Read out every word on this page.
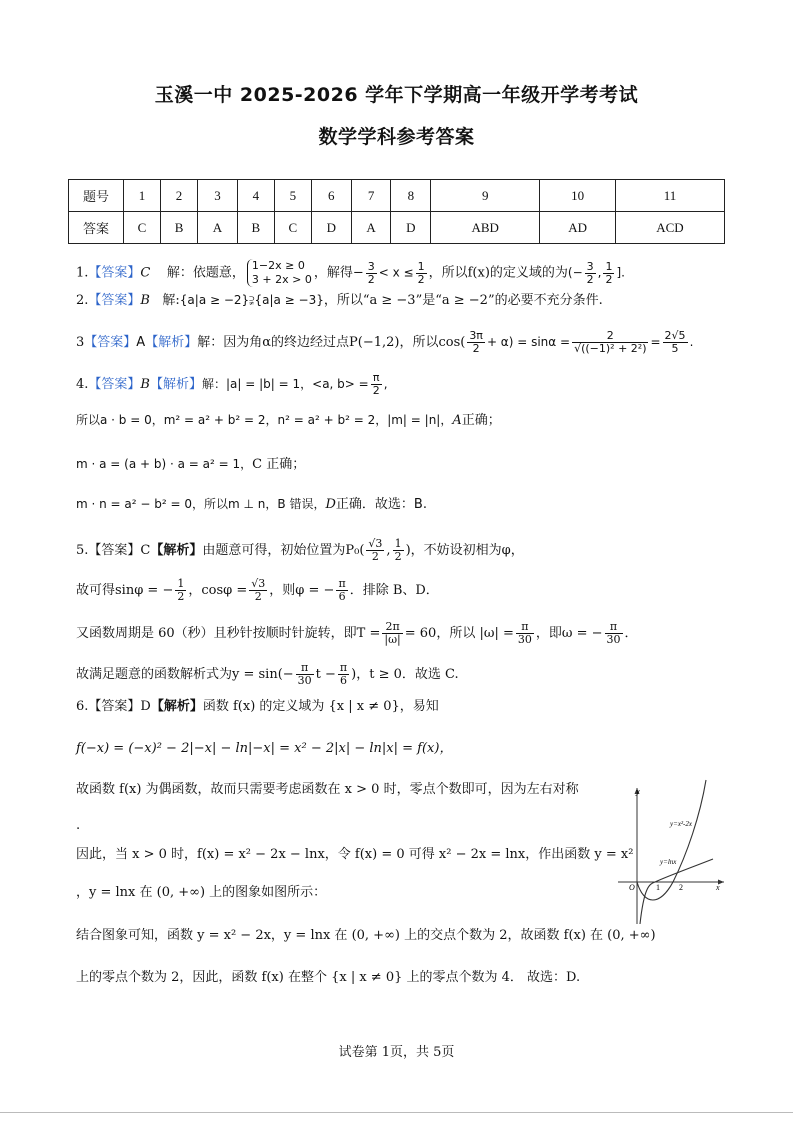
玉溪一中 2025-2026 学年下学期高一年级开学考考试
数学学科参考答案
题号	1	2	3	4	5	6	7	8	9	10	11
答案	C	B	A	B	C	D	A	D	ABD	AD	ACD
1.【答案】C 解：依题意， 1−2x ≥ 0
3 + 2x > 0 ，解得− $\frac{3}{2} < x \le \frac{1}{2}$ ，所以f(x)的定义域的为(− $\frac{3}{2}$ , $\frac{1}{2}$ ].
2.【答案】B 解:{a|a ≥ −2}⫌{a|a ≥ −3}，所以“a ≥ −3”是“a ≥ −2”的必要不充分条件.
3【答案】A【解析】解：因为角α的终边经过点P(−1,2)，所以$\cos( \frac{3\pi}{2} + \alpha) = \sin\alpha = \frac{2}{\text{√((−1)² + 2²)}} = \frac{2√5}{5}$ .
4.【答案】B【解析】解：|a| = |b| = 1，<a, $b> = \frac{\pi}{2}$ ,
所以a · b = 0，m² = a² + b² = 2，n² = a² + b² = 2，|m| = |n|，A正确；
m · a = (a + b) · a = a² = 1，C 正确；
m · n = a² − b² = 0，所以m ⊥ n，B 错误，D正确．故选：B.
5.【答案】C【解析】由题意可得，初始位置为$P_0( \frac{√3}{2}$ , $\frac{1}{2}$ )，不妨设初相为φ，
故可得sinφ = − $\frac{1}{2}$ ，$\cos\varphi = \frac{√3}{2}$ ，则φ = − $\frac{\pi}{6}$ ．排除 B、D．
又函数周期是 60（秒）且秒针按顺时针旋转，即$T = \frac{2\pi}{|\omega|} = 60$，所以 $|\omega| = \frac{\pi}{30}$ ，即ω = − $\frac{\pi}{30}$ ．
故满足题意的函数解析式为$y = \sin(- \frac{\pi}{30}$ $t - \frac{\pi}{6}$ )，t ≥ 0．故选 C.
6.【答案】D【解析】函数 f(x) 的定义域为 {x | x ≠ 0}，易知
f(−x) = (−x)² − 2|−x| − ln|−x| = x² − 2|x| − ln|x| = f(x)，
故函数 f(x) 为偶函数，故而只需要考虑函数在 x > 0 时，零点个数即可，因为左右对称
.
因此，当 x > 0 时，f(x) = x² − 2x − lnx，令 f(x) = 0 可得 x² − 2x = lnx，作出函数 y = x²
，y = lnx 在 (0, +∞) 上的图象如图所示：
结合图象可知，函数 y = x² − 2x，y = lnx 在 (0, +∞) 上的交点个数为 2，故函数 f(x) 在 (0, +∞)
上的零点个数为 2，因此，函数 f(x) 在整个 {x | x ≠ 0} 上的零点个数为 4． 故选：D.
y
x
O	1 2
y=x²-2x
y=lnx
试卷第 1页，共 5页
